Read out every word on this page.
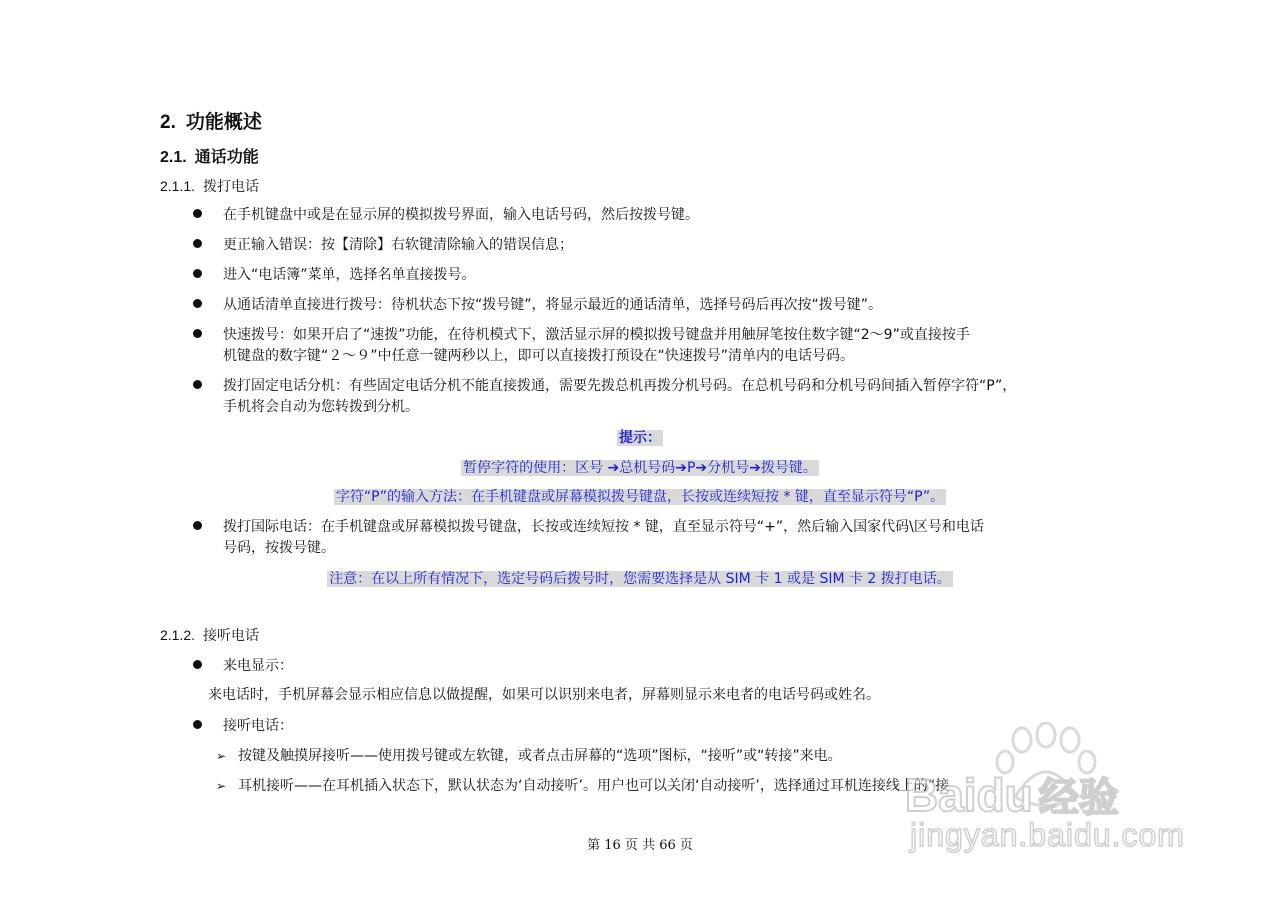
2. 功能概述
2.1. 通话功能
2.1.1. 拨打电话
在手机键盘中或是在显示屏的模拟拨号界面，输入电话号码，然后按拨号键。
更正输入错误：按【清除】右软键清除输入的错误信息；
进入“电话簿”菜单，选择名单直接拨号。
从通话清单直接进行拨号：待机状态下按“拨号键”，将显示最近的通话清单，选择号码后再次按“拨号键”。
快速拨号：如果开启了“速拨”功能，在待机模式下，激活显示屏的模拟拨号键盘并用触屏笔按住数字键“2～9”或直接按手
机键盘的数字键“２～９”中任意一键两秒以上，即可以直接拨打预设在“快速拨号”清单内的电话号码。
拨打固定电话分机：有些固定电话分机不能直接拨通，需要先拨总机再拨分机号码。在总机号码和分机号码间插入暂停字符“P”，
手机将会自动为您转拨到分机。
提示：
暂停字符的使用：区号 ➔总机号码➔P➔分机号➔拨号键。
字符“P”的输入方法：在手机键盘或屏幕模拟拨号键盘，长按或连续短按 * 键，直至显示符号“P”。
拨打国际电话：在手机键盘或屏幕模拟拨号键盘，长按或连续短按 * 键，直至显示符号“+”，然后输入国家代码\区号和电话
号码，按拨号键。
注意：在以上所有情况下，选定号码后拨号时，您需要选择是从 SIM 卡 1 或是 SIM 卡 2 拨打电话。
2.1.2. 接听电话
来电显示：
来电话时，手机屏幕会显示相应信息以做提醒，如果可以识别来电者，屏幕则显示来电者的电话号码或姓名。
接听电话：
➢ 按键及触摸屏接听——使用拨号键或左软键，或者点击屏幕的“选项”图标，“接听”或“转接”来电。
➢ 耳机接听——在耳机插入状态下，默认状态为‘自动接听’。用户也可以关闭‘自动接听’，选择通过耳机连接线上的“接
第 16 页 共 66 页
Baidu 经验
jingyan.baidu.com
